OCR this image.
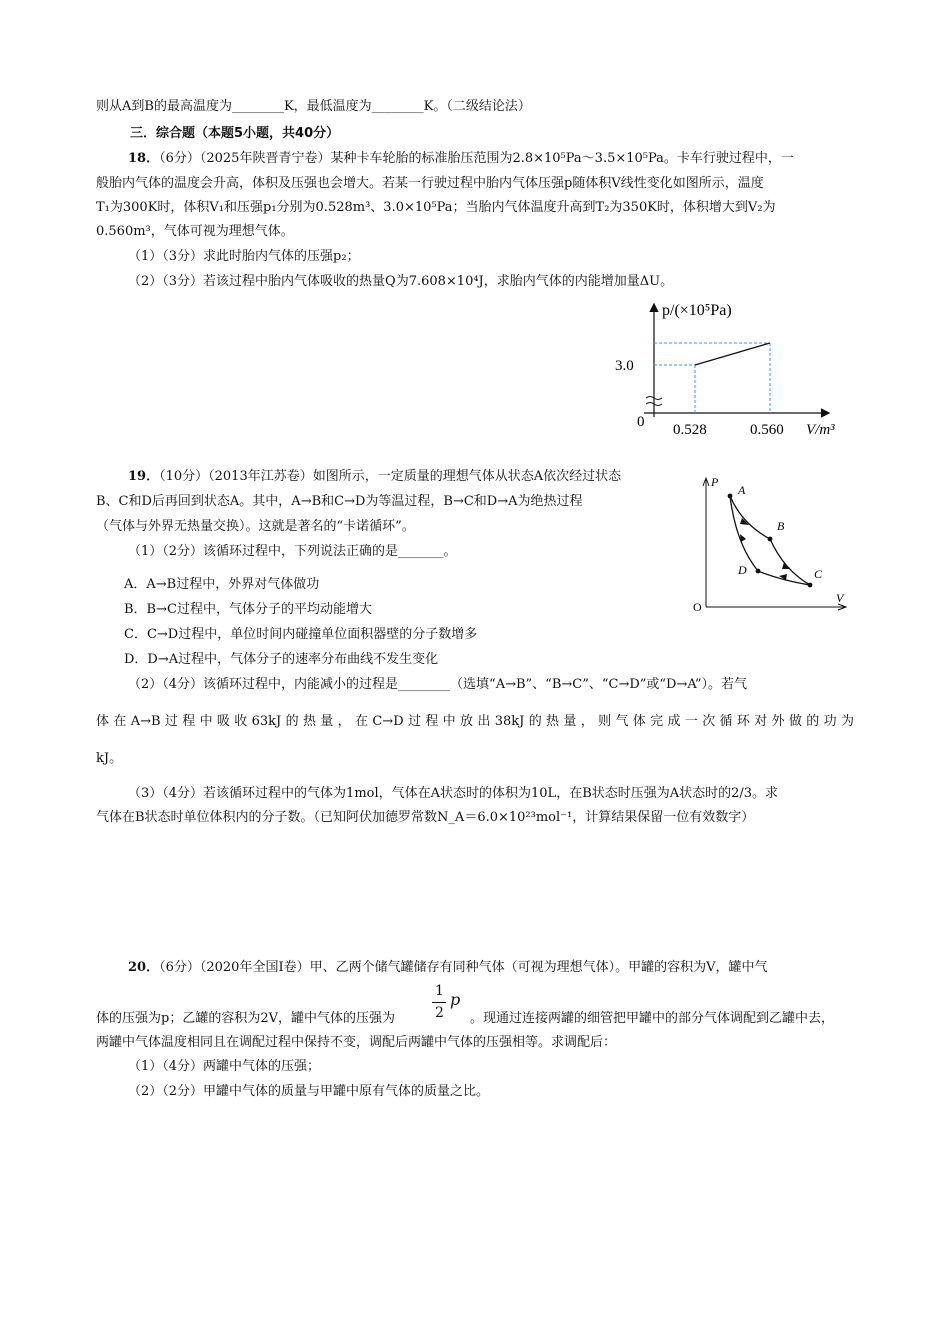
则从A到B的最高温度为________K，最低温度为________K。（二级结论法）
三．综合题（本题5小题，共40分）
18．（6分）（2025年陕晋青宁卷）某种卡车轮胎的标准胎压范围为2.8×10⁵Pa～3.5×10⁵Pa。卡车行驶过程中，一
般胎内气体的温度会升高，体积及压强也会增大。若某一行驶过程中胎内气体压强p随体积V线性变化如图所示，温度
T₁为300K时，体积V₁和压强p₁分别为0.528m³、3.0×10⁵Pa；当胎内气体温度升高到T₂为350K时，体积增大到V₂为
0.560m³，气体可视为理想气体。
（1）（3分）求此时胎内气体的压强p₂；
（2）（3分）若该过程中胎内气体吸收的热量Q为7.608×10⁴J，求胎内气体的内能增加量ΔU。
p/(×10⁵Pa)
3.0
0 0.528	0.560 V/m³
19．（10分）（2013年江苏卷）如图所示，一定质量的理想气体从状态A依次经过状态
B、C和D后再回到状态A。其中，A→B和C→D为等温过程，B→C和D→A为绝热过程
（气体与外界无热量交换）。这就是著名的“卡诺循环”。
（1）（2分）该循环过程中，下列说法正确的是_______。
A．A→B过程中，外界对气体做功
B．B→C过程中，气体分子的平均动能增大
C．C→D过程中，单位时间内碰撞单位面积器壁的分子数增多
D．D→A过程中，气体分子的速率分布曲线不发生变化
（2）（4分）该循环过程中，内能减小的过程是________（选填“A→B”、“B→C”、“C→D”或“D→A”）。若气
体在A→B过程中吸收63kJ的热量，在C→D过程中放出38kJ的热量，则气体完成一次循环对外做的功为
kJ。
（3）（4分）若该循环过程中的气体为1mol，气体在A状态时的体积为10L，在B状态时压强为A状态时的2/3。求
气体在B状态时单位体积内的分子数。（已知阿伏加德罗常数N_A＝6.0×10²³mol⁻¹，计算结果保留一位有效数字）
P
V
O
A
B
C
D
20．（6分）（2020年全国Ⅰ卷）甲、乙两个储气罐储存有同种气体（可视为理想气体）。甲罐的容积为V，罐中气
体的压强为p；乙罐的容积为2V，罐中气体的压强为
1
2
p
。现通过连接两罐的细管把甲罐中的部分气体调配到乙罐中去，
两罐中气体温度相同且在调配过程中保持不变，调配后两罐中气体的压强相等。求调配后：
（1）（4分）两罐中气体的压强；
（2）（2分）甲罐中气体的质量与甲罐中原有气体的质量之比。
